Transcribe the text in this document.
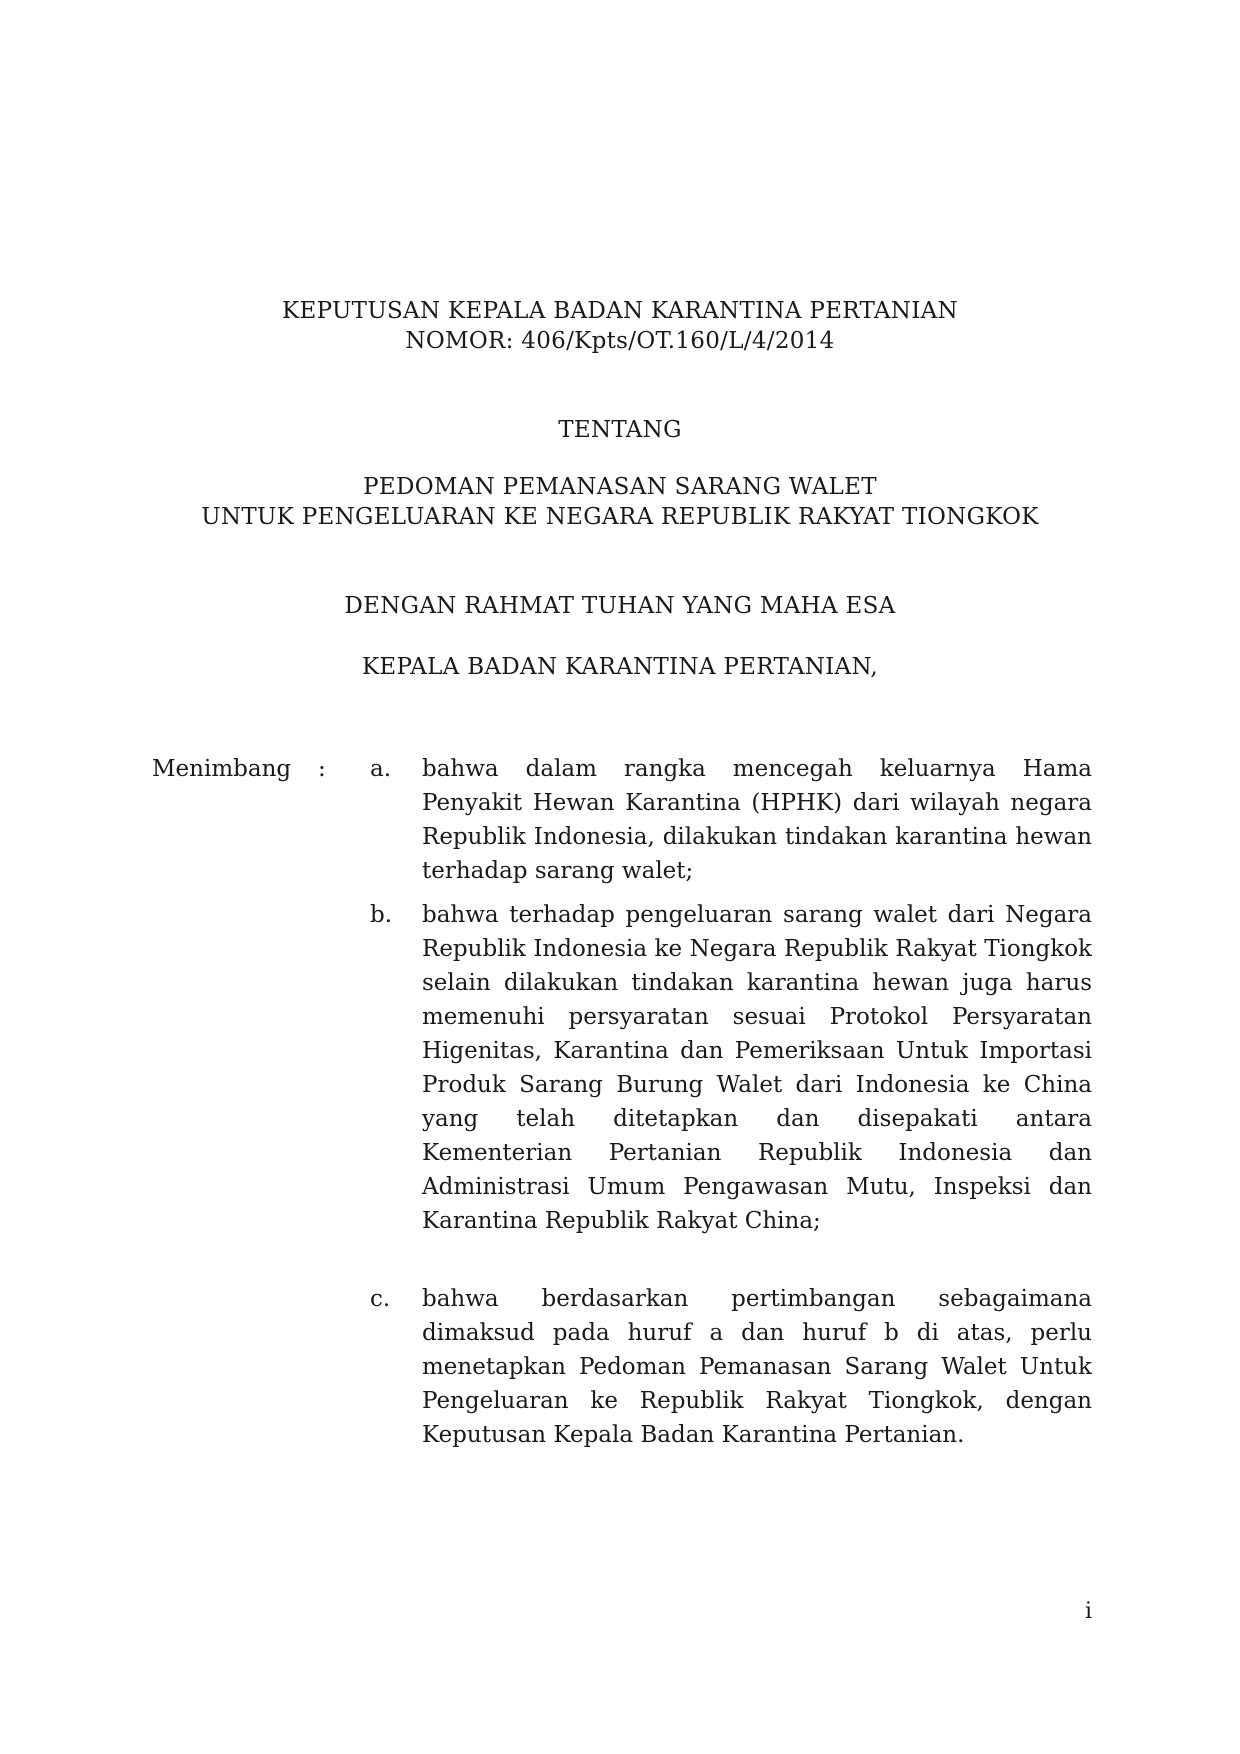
KEPUTUSAN KEPALA BADAN KARANTINA PERTANIAN
NOMOR: 406/Kpts/OT.160/L/4/2014
TENTANG
PEDOMAN PEMANASAN SARANG WALET
UNTUK PENGELUARAN KE NEGARA REPUBLIK RAKYAT TIONGKOK
DENGAN RAHMAT TUHAN YANG MAHA ESA
KEPALA BADAN KARANTINA PERTANIAN,
Menimbang : a.	bahwa dalam rangka mencegah keluarnya Hama Penyakit Hewan Karantina (HPHK) dari wilayah negara Republik Indonesia, dilakukan tindakan karantina hewan terhadap sarang walet;
b.	bahwa terhadap pengeluaran sarang walet dari Negara Republik Indonesia ke Negara Republik Rakyat Tiongkok selain dilakukan tindakan karantina hewan juga harus memenuhi persyaratan sesuai Protokol Persyaratan Higenitas, Karantina dan Pemeriksaan Untuk Importasi Produk Sarang Burung Walet dari Indonesia ke China yang telah ditetapkan dan disepakati antara Kementerian Pertanian Republik Indonesia dan Administrasi Umum Pengawasan Mutu, Inspeksi dan Karantina Republik Rakyat China;
c.	bahwa berdasarkan pertimbangan sebagaimana dimaksud pada huruf a dan huruf b di atas, perlu menetapkan Pedoman Pemanasan Sarang Walet Untuk Pengeluaran ke Republik Rakyat Tiongkok, dengan Keputusan Kepala Badan Karantina Pertanian.
i
